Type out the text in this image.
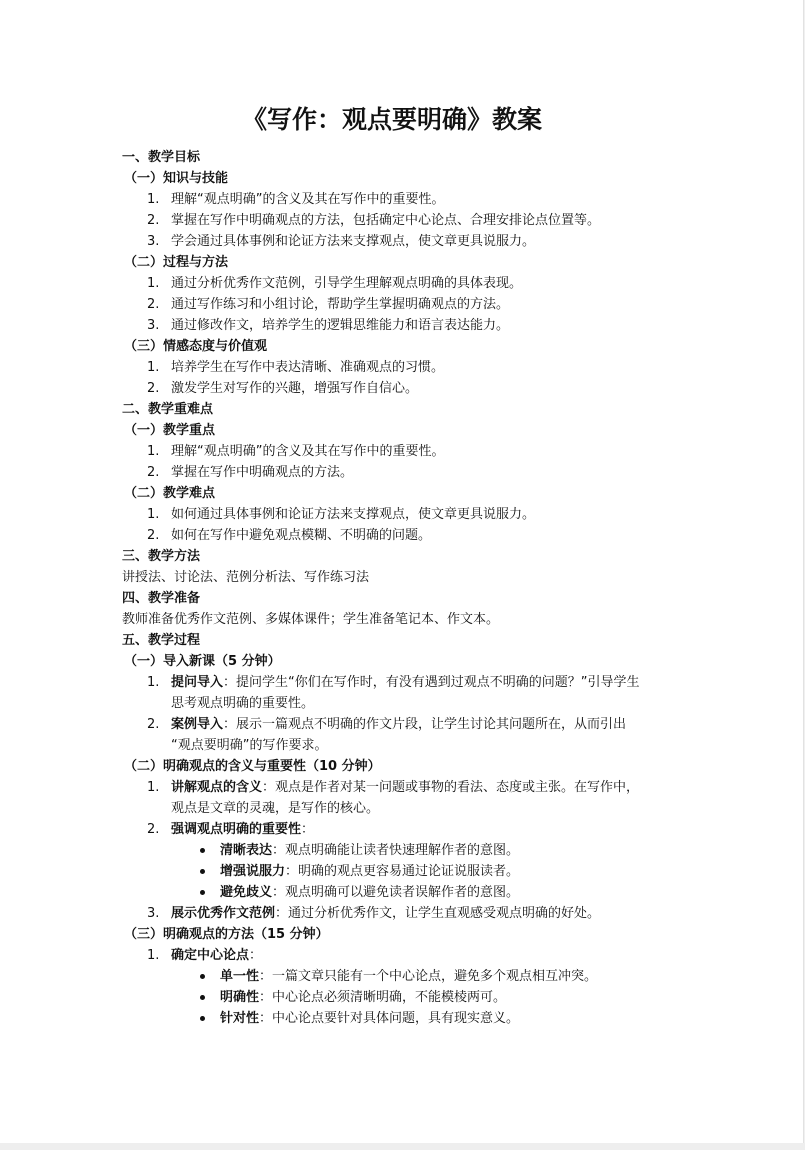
《写作：观点要明确》教案
一、教学目标
（一）知识与技能
1. 理解“观点明确”的含义及其在写作中的重要性。
2. 掌握在写作中明确观点的方法，包括确定中心论点、合理安排论点位置等。
3. 学会通过具体事例和论证方法来支撑观点，使文章更具说服力。
（二）过程与方法
1. 通过分析优秀作文范例，引导学生理解观点明确的具体表现。
2. 通过写作练习和小组讨论，帮助学生掌握明确观点的方法。
3. 通过修改作文，培养学生的逻辑思维能力和语言表达能力。
（三）情感态度与价值观
1. 培养学生在写作中表达清晰、准确观点的习惯。
2. 激发学生对写作的兴趣，增强写作自信心。
二、教学重难点
（一）教学重点
1. 理解“观点明确”的含义及其在写作中的重要性。
2. 掌握在写作中明确观点的方法。
（二）教学难点
1. 如何通过具体事例和论证方法来支撑观点，使文章更具说服力。
2. 如何在写作中避免观点模糊、不明确的问题。
三、教学方法
讲授法、讨论法、范例分析法、写作练习法
四、教学准备
教师准备优秀作文范例、多媒体课件；学生准备笔记本、作文本。
五、教学过程
（一）导入新课（5 分钟）
1. 提问导入：提问学生“你们在写作时，有没有遇到过观点不明确的问题？”引导学生
思考观点明确的重要性。
2. 案例导入：展示一篇观点不明确的作文片段，让学生讨论其问题所在，从而引出
“观点要明确”的写作要求。
（二）明确观点的含义与重要性（10 分钟）
1. 讲解观点的含义：观点是作者对某一问题或事物的看法、态度或主张。在写作中，
观点是文章的灵魂，是写作的核心。
2. 强调观点明确的重要性：
清晰表达：观点明确能让读者快速理解作者的意图。
增强说服力：明确的观点更容易通过论证说服读者。
避免歧义：观点明确可以避免读者误解作者的意图。
3. 展示优秀作文范例：通过分析优秀作文，让学生直观感受观点明确的好处。
（三）明确观点的方法（15 分钟）
1. 确定中心论点：
单一性：一篇文章只能有一个中心论点，避免多个观点相互冲突。
明确性：中心论点必须清晰明确，不能模棱两可。
针对性：中心论点要针对具体问题，具有现实意义。
